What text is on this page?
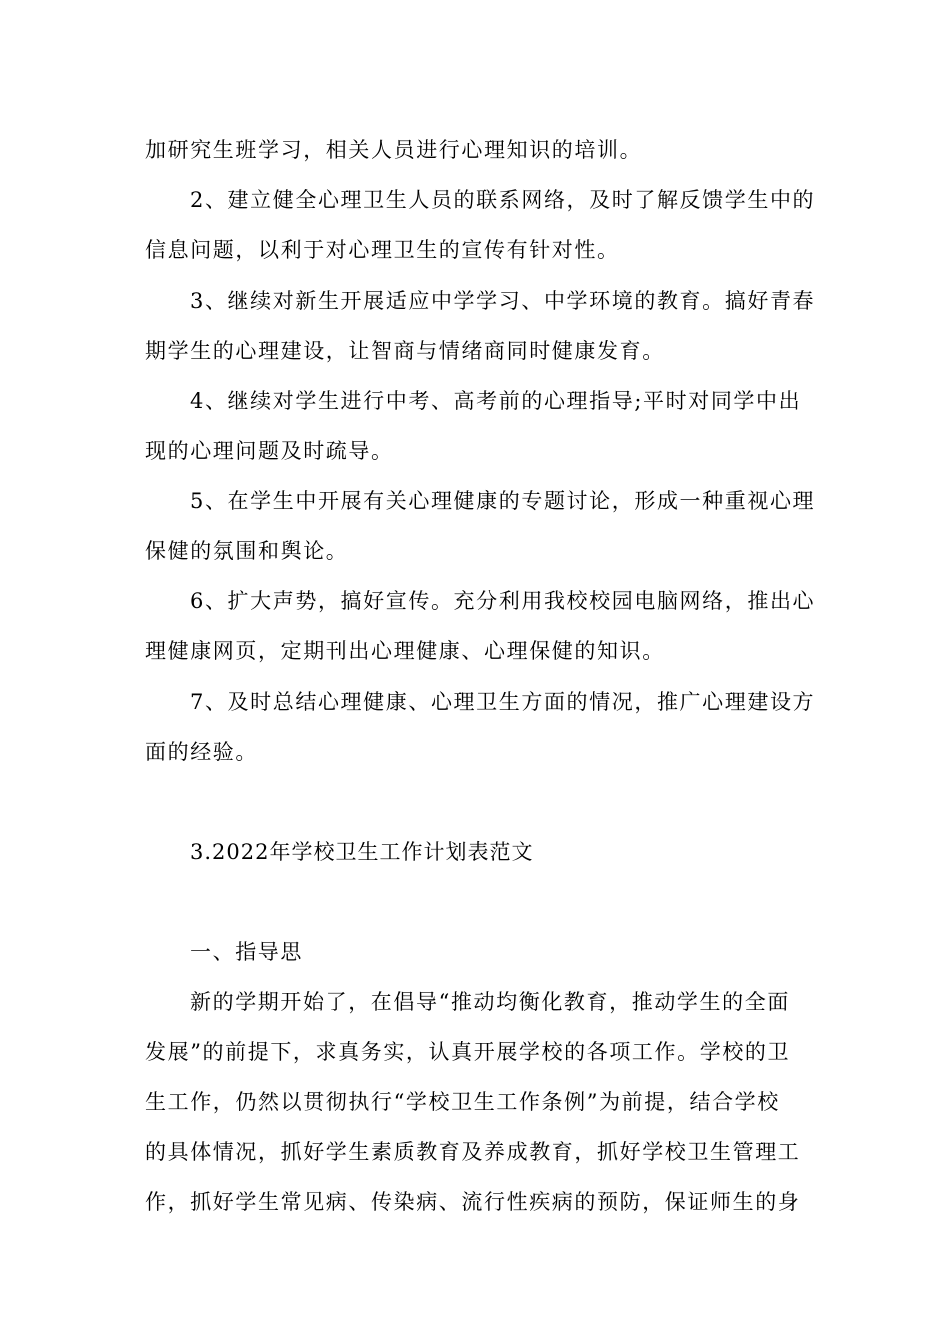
加研究生班学习，相关人员进行心理知识的培训。
2、建立健全心理卫生人员的联系网络，及时了解反馈学生中的
信息问题，以利于对心理卫生的宣传有针对性。
3、继续对新生开展适应中学学习、中学环境的教育。搞好青春
期学生的心理建设，让智商与情绪商同时健康发育。
4、继续对学生进行中考、高考前的心理指导;平时对同学中出
现的心理问题及时疏导。
5、在学生中开展有关心理健康的专题讨论，形成一种重视心理
保健的氛围和舆论。
6、扩大声势，搞好宣传。充分利用我校校园电脑网络，推出心
理健康网页，定期刊出心理健康、心理保健的知识。
7、及时总结心理健康、心理卫生方面的情况，推广心理建设方
面的经验。
3.2022年学校卫生工作计划表范文
一、指导思
新的学期开始了，在倡导“推动均衡化教育，推动学生的全面
发展”的前提下，求真务实，认真开展学校的各项工作。学校的卫
生工作，仍然以贯彻执行“学校卫生工作条例”为前提，结合学校
的具体情况，抓好学生素质教育及养成教育，抓好学校卫生管理工
作，抓好学生常见病、传染病、流行性疾病的预防，保证师生的身
